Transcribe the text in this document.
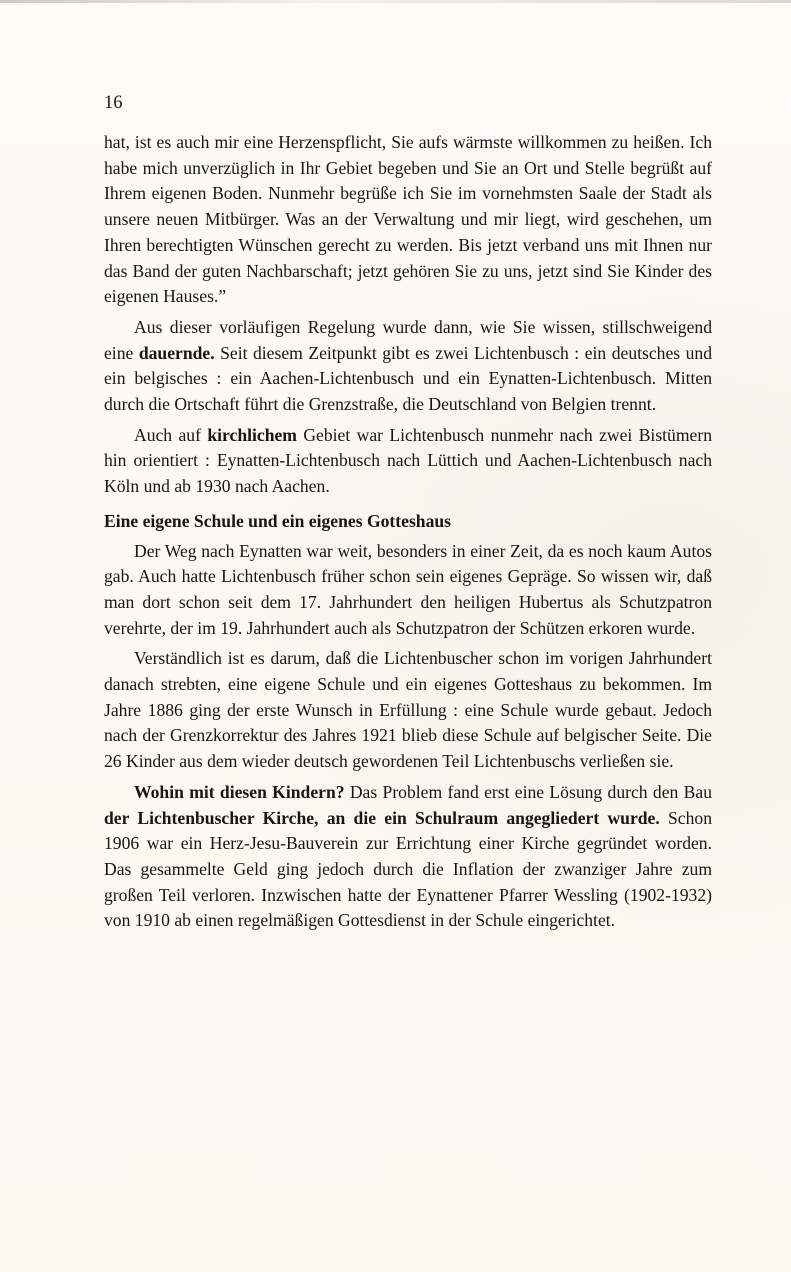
16

hat, ist es auch mir eine Herzenspflicht, Sie aufs wärmste willkommen zu heißen. Ich habe mich unverzüglich in Ihr Gebiet begeben und Sie an Ort und Stelle begrüßt auf Ihrem eigenen Boden. Nunmehr begrüße ich Sie im vornehmsten Saale der Stadt als unsere neuen Mitbürger. Was an der Verwaltung und mir liegt, wird geschehen, um Ihren berechtigten Wünschen gerecht zu werden. Bis jetzt verband uns mit Ihnen nur das Band der guten Nachbarschaft; jetzt gehören Sie zu uns, jetzt sind Sie Kinder des eigenen Hauses.”

Aus dieser vorläufigen Regelung wurde dann, wie Sie wissen, stillschweigend eine dauernde. Seit diesem Zeitpunkt gibt es zwei Lichtenbusch : ein deutsches und ein belgisches : ein Aachen-Lichtenbusch und ein Eynatten-Lichtenbusch. Mitten durch die Ortschaft führt die Grenzstraße, die Deutschland von Belgien trennt.

Auch auf kirchlichem Gebiet war Lichtenbusch nunmehr nach zwei Bistümern hin orientiert : Eynatten-Lichtenbusch nach Lüttich und Aachen-Lichtenbusch nach Köln und ab 1930 nach Aachen.

Eine eigene Schule und ein eigenes Gotteshaus

Der Weg nach Eynatten war weit, besonders in einer Zeit, da es noch kaum Autos gab. Auch hatte Lichtenbusch früher schon sein eigenes Gepräge. So wissen wir, daß man dort schon seit dem 17. Jahrhundert den heiligen Hubertus als Schutzpatron verehrte, der im 19. Jahrhundert auch als Schutzpatron der Schützen erkoren wurde.

Verständlich ist es darum, daß die Lichtenbuscher schon im vorigen Jahrhundert danach strebten, eine eigene Schule und ein eigenes Gotteshaus zu bekommen. Im Jahre 1886 ging der erste Wunsch in Erfüllung : eine Schule wurde gebaut. Jedoch nach der Grenzkorrektur des Jahres 1921 blieb diese Schule auf belgischer Seite. Die 26 Kinder aus dem wieder deutsch gewordenen Teil Lichtenbuschs verließen sie.

Wohin mit diesen Kindern? Das Problem fand erst eine Lösung durch den Bau der Lichtenbuscher Kirche, an die ein Schulraum angegliedert wurde. Schon 1906 war ein Herz-Jesu-Bauverein zur Errichtung einer Kirche gegründet worden. Das gesammelte Geld ging jedoch durch die Inflation der zwanziger Jahre zum großen Teil verloren. Inzwischen hatte der Eynattener Pfarrer Wessling (1902-1932) von 1910 ab einen regelmäßigen Gottesdienst in der Schule eingerichtet.
